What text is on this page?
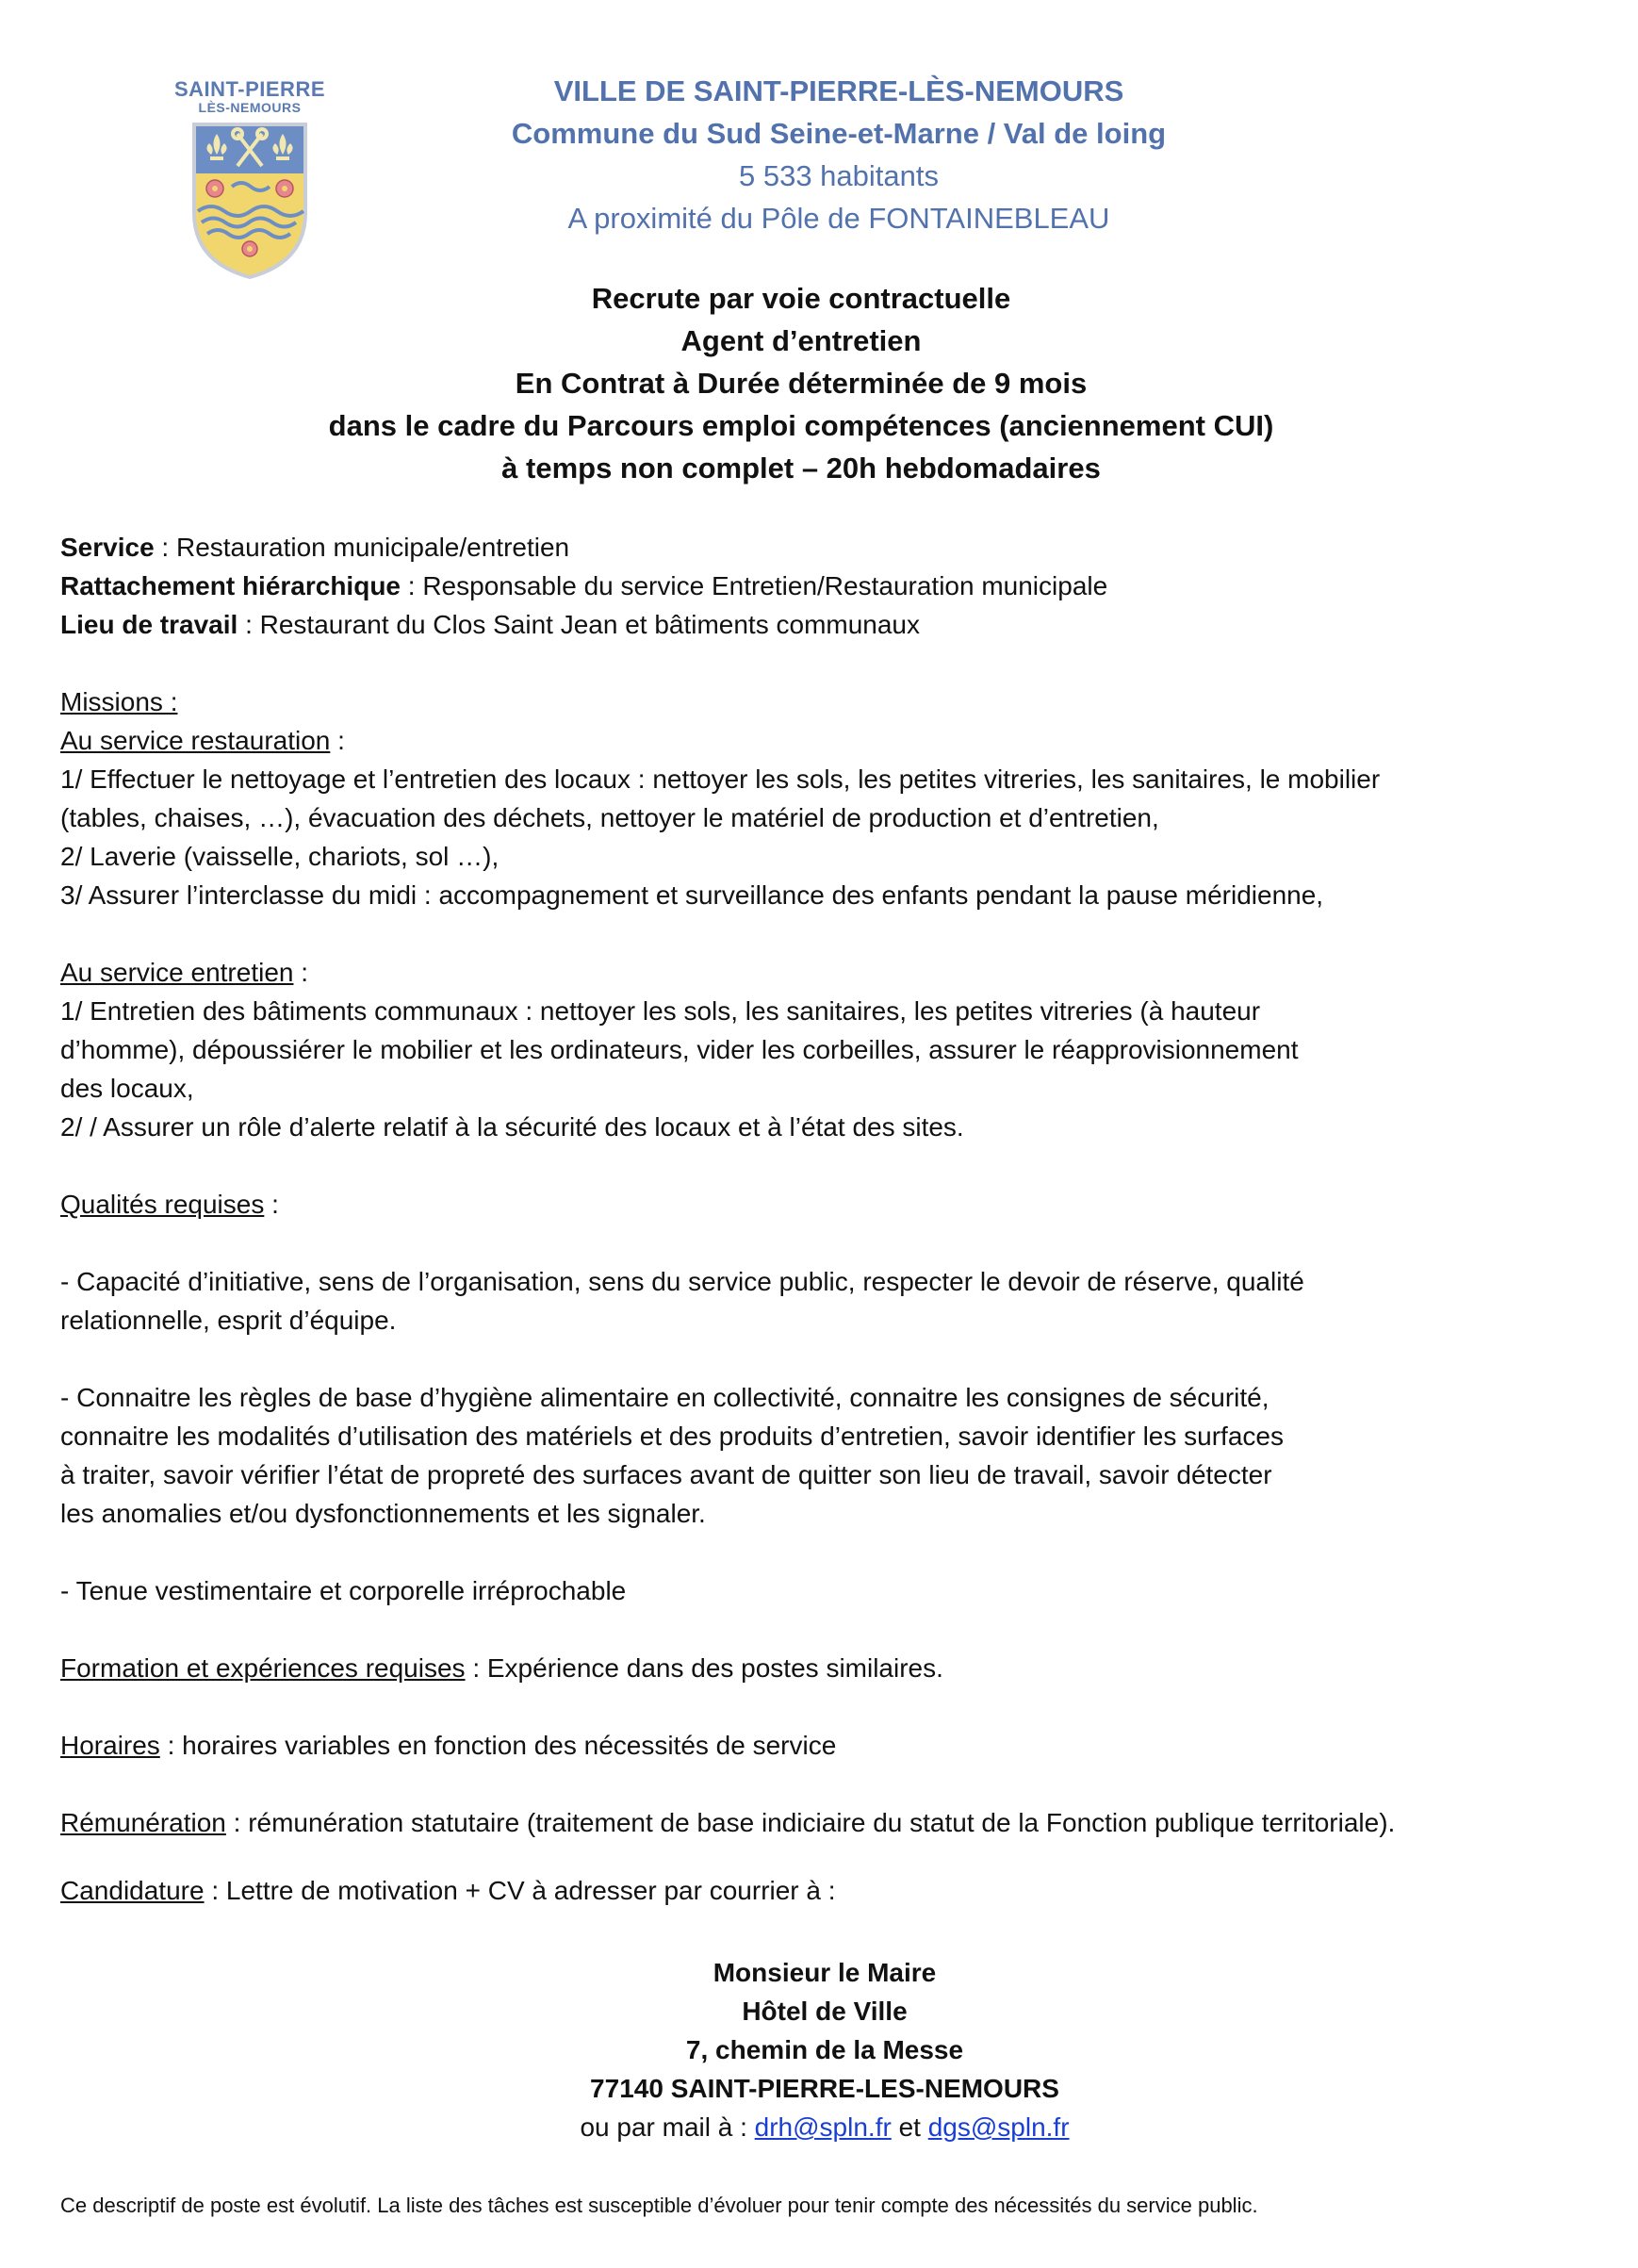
SAINT-PIERRE
LÈS-NEMOURS	VILLE DE SAINT-PIERRE-LÈS-NEMOURS
Commune du Sud Seine-et-Marne / Val de loing
5 533 habitants
A proximité du Pôle de FONTAINEBLEAU
Recrute par voie contractuelle
Agent d’entretien
En Contrat à Durée déterminée de 9 mois
dans le cadre du Parcours emploi compétences (anciennement CUI)
à temps non complet – 20h hebdomadaires

Service : Restauration municipale/entretien

Rattachement hiérarchique : Responsable du service Entretien/Restauration municipale

Lieu de travail : Restaurant du Clos Saint Jean et bâtiments communaux

Missions :

Au service restauration :

1/ Effectuer le nettoyage et l’entretien des locaux : nettoyer les sols, les petites vitreries, les sanitaires, le mobilier

(tables, chaises, …), évacuation des déchets, nettoyer le matériel de production et d’entretien,

2/ Laverie (vaisselle, chariots, sol …),

3/ Assurer l’interclasse du midi : accompagnement et surveillance des enfants pendant la pause méridienne,

Au service entretien :

1/ Entretien des bâtiments communaux : nettoyer les sols, les sanitaires, les petites vitreries (à hauteur

d’homme), dépoussiérer le mobilier et les ordinateurs, vider les corbeilles, assurer le réapprovisionnement

des locaux,

2/ / Assurer un rôle d’alerte relatif à la sécurité des locaux et à l’état des sites.

Qualités requises :

- Capacité d’initiative, sens de l’organisation, sens du service public, respecter le devoir de réserve, qualité

relationnelle, esprit d’équipe.

- Connaitre les règles de base d’hygiène alimentaire en collectivité, connaitre les consignes de sécurité,

connaitre les modalités d’utilisation des matériels et des produits d’entretien, savoir identifier les surfaces

à traiter, savoir vérifier l’état de propreté des surfaces avant de quitter son lieu de travail, savoir détecter

les anomalies et/ou dysfonctionnements et les signaler.

- Tenue vestimentaire et corporelle irréprochable

Formation et expériences requises : Expérience dans des postes similaires.

Horaires : horaires variables en fonction des nécessités de service

Rémunération : rémunération statutaire (traitement de base indiciaire du statut de la Fonction publique territoriale).

Candidature : Lettre de motivation + CV à adresser par courrier à :

Monsieur le Maire
Hôtel de Ville
7, chemin de la Messe
77140 SAINT-PIERRE-LES-NEMOURS
ou par mail à : drh@spln.fr et dgs@spln.fr
Ce descriptif de poste est évolutif. La liste des tâches est susceptible d’évoluer pour tenir compte des nécessités du service public.
